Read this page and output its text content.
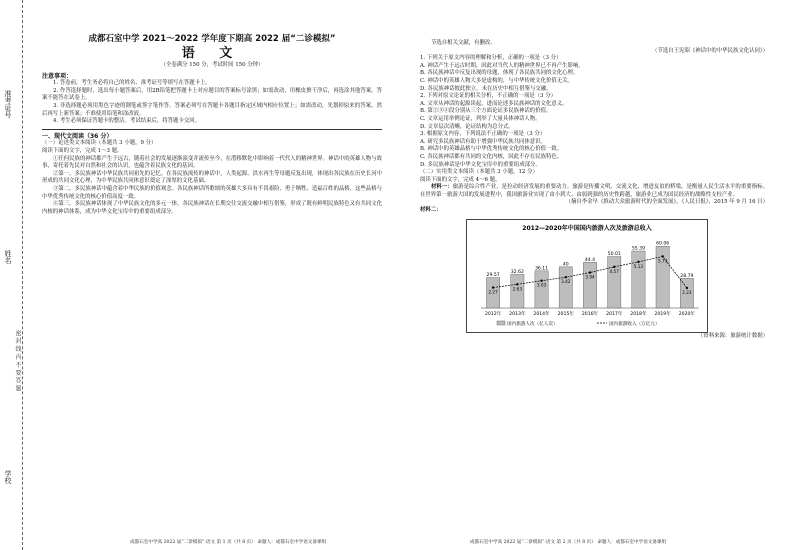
准考证号
姓名
学校
密 封 线 内 不 要 答 题
成都石室中学 2021～2022 学年度下期高 2022 届“二诊模拟”
语 文
（全卷满分 150 分，考试时间 150 分钟）
注意事项：

1. 答卷前，考生务必将自己的姓名、准考证号等填写在答题卡上。

2. 作答选择题时，选出每小题答案后，用2B铅笔把答题卡上对应题目的答案标号涂黑；如需改动，用橡皮擦干净后，再选涂其他答案。答案不能答在试卷上。

3. 非选择题必须用黑色字迹的钢笔或签字笔作答，答案必须写在答题卡各题目指定区域内相应位置上；如需改动，先划掉原来的答案，然后再写上新答案；不准使用铅笔和涂改液。

4. 考生必须保证答题卡的整洁。考试结束后，将答题卡交回。

一、现代文阅读（36 分）

（一）论述类文本阅读（本题共 3 小题，9 分）

阅读下面的文字，完成 1～3 题。

①任何民族的神话都产生于远古，随着社会的发展逐渐演变并流传至今，在潜移默化中影响着一代代人的精神世界。神话中的英雄人物与故事，寄托着先民对自然和社会的认识，也蕴含着民族文化的基因。

②第一，多民族神话中华民族共同祖先的记忆。在各民族流传的神话中，人类起源、洪水再生等母题反复出现，体现出各民族在历史长河中形成的共同文化心理，为中华民族共同体意识奠定了深厚的文化基础。

③第二，多民族神话中蕴含着中华民族的价值观念。各民族神话所歌颂的英雄大多具有不畏艰险、勇于牺牲、造福百姓的品格，这些品格与中华优秀传统文化的核心价值高度一致。

④第三，多民族神话体现了中华民族文化的多元一体。各民族神话在长期交往交流交融中相互借鉴，形成了既有鲜明民族特色又有共同文化内核的神话体系，成为中华文化宝库中的重要组成部分。

节选自相关文献，有删改。

（节选自王宪昭《神话中的中华民族文化认同》）

1. 下列关于原文内容的理解和分析，正确的一项是（3 分）

A. 神话产生于远古时期，因此对当代人的精神世界已不再产生影响。

B. 各民族神话中反复出现的母题，体现了各民族共同的文化心理。

C. 神话中的英雄人物大多是虚构的，与中华传统文化价值无关。

D. 各民族神话彼此独立，未在历史中相互借鉴与交融。

2. 下列对原文论证的相关分析，不正确的一项是（3 分）

A. 文章从神话的起源谈起，进而论述多民族神话的文化意义。

B. 第②③④段分别从三个方面论证多民族神话的价值。

C. 文章运用举例论证，列举了大量具体神话人物。

D. 文章层次清晰，论证结构为总分式。

3. 根据原文内容，下列说法不正确的一项是（3 分）

A. 研究多民族神话有助于增强中华民族共同体意识。

B. 神话中的英雄品格与中华优秀传统文化的核心价值一致。

C. 各民族神话都有共同的文化内核，因此不存在民族特色。

D. 多民族神话是中华文化宝库中的重要组成部分。

（二）实用类文本阅读（本题共 3 小题，12 分）

阅读下面的文字，完成 4～6 题。

材料一：旅游是综合性产业，是拉动经济发展的重要动力。旅游是传播文明、交流文化、增进友谊的桥梁，是衡量人民生活水平的重要指标。在世界第一旅游大国的发展进程中，我国旅游业实现了由小到大、由弱到强的历史性跨越，旅游业已成为国民经济的战略性支柱产业。

（摘自李金早《推动大众旅游时代的全面发展》，《人民日报》，2015 年 9 月 16 日）

材料二：

2012—2020年中国国内旅游人次及旅游总收入
29.57
2012年
32.62
2013年
36.11
2014年
40
2015年
44.4
2016年
50.01
2017年
55.39
2018年
60.06
2019年
28.79
2020年
2.27
2.63
3.03
3.42
3.94
4.57
5.13
5.73
2.23
国内旅游人次（亿人次）	国内旅游收入（万亿元）
（资料来源：旅游统计数据）
成都石室中学高 2022 届“二诊模拟”·语文 第 1 页（共 8 页） 命题人：成都石室中学语文备课组	成都石室中学高 2022 届“二诊模拟”·语文 第 2 页（共 8 页） 命题人：成都石室中学语文备课组
